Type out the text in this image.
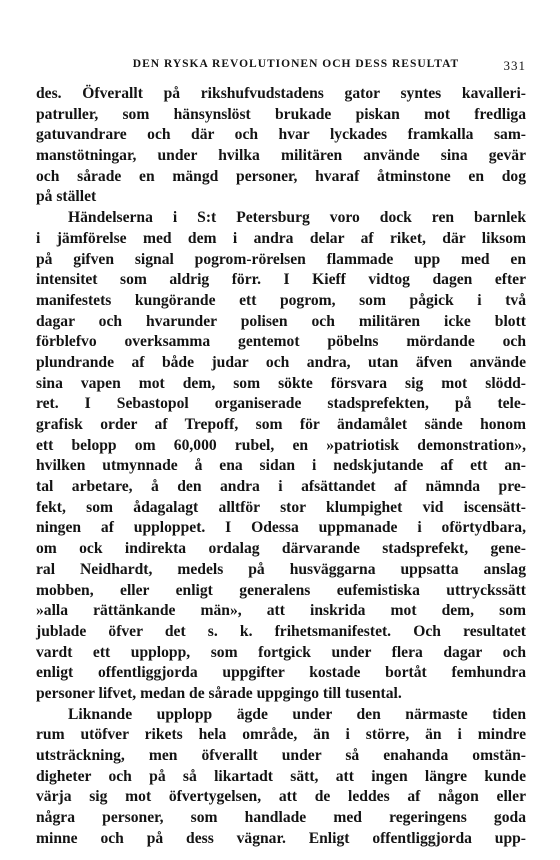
DEN RYSKA REVOLUTIONEN OCH DESS RESULTAT	331
des. Öfverallt på rikshufvudstadens gator syntes kavalleri-
patruller, som hänsynslöst brukade piskan mot fredliga
gatuvandrare och där och hvar lyckades framkalla sam-
manstötningar, under hvilka militären använde sina gevär
och sårade en mängd personer, hvaraf åtminstone en dog
på stället
Händelserna i S:t Petersburg voro dock ren barnlek
i jämförelse med dem i andra delar af riket, där liksom
på gifven signal pogrom-rörelsen flammade upp med en
intensitet som aldrig förr. I Kieff vidtog dagen efter
manifestets kungörande ett pogrom, som pågick i två
dagar och hvarunder polisen och militären icke blott
förblefvo overksamma gentemot pöbelns mördande och
plundrande af både judar och andra, utan äfven använde
sina vapen mot dem, som sökte försvara sig mot slödd-
ret. I Sebastopol organiserade stadsprefekten, på tele-
grafisk order af Trepoff, som för ändamålet sände honom
ett belopp om 60,000 rubel, en »patriotisk demonstration»,
hvilken utmynnade å ena sidan i nedskjutande af ett an-
tal arbetare, å den andra i afsättandet af nämnda pre-
fekt, som ådagalagt alltför stor klumpighet vid iscensätt-
ningen af upploppet. I Odessa uppmanade i oförtydbara,
om ock indirekta ordalag därvarande stadsprefekt, gene-
ral Neidhardt, medels på husväggarna uppsatta anslag
mobben, eller enligt generalens eufemistiska uttryckssätt
»alla rättänkande män», att inskrida mot dem, som
jublade öfver det s. k. frihetsmanifestet. Och resultatet
vardt ett upplopp, som fortgick under flera dagar och
enligt offentliggjorda uppgifter kostade bortåt femhundra
personer lifvet, medan de sårade uppgingo till tusental.
Liknande upplopp ägde under den närmaste tiden
rum utöfver rikets hela område, än i större, än i mindre
utsträckning, men öfverallt under så enahanda omstän-
digheter och på så likartadt sätt, att ingen längre kunde
värja sig mot öfvertygelsen, att de leddes af någon eller
några personer, som handlade med regeringens goda
minne och på dess vägnar. Enligt offentliggjorda upp-
